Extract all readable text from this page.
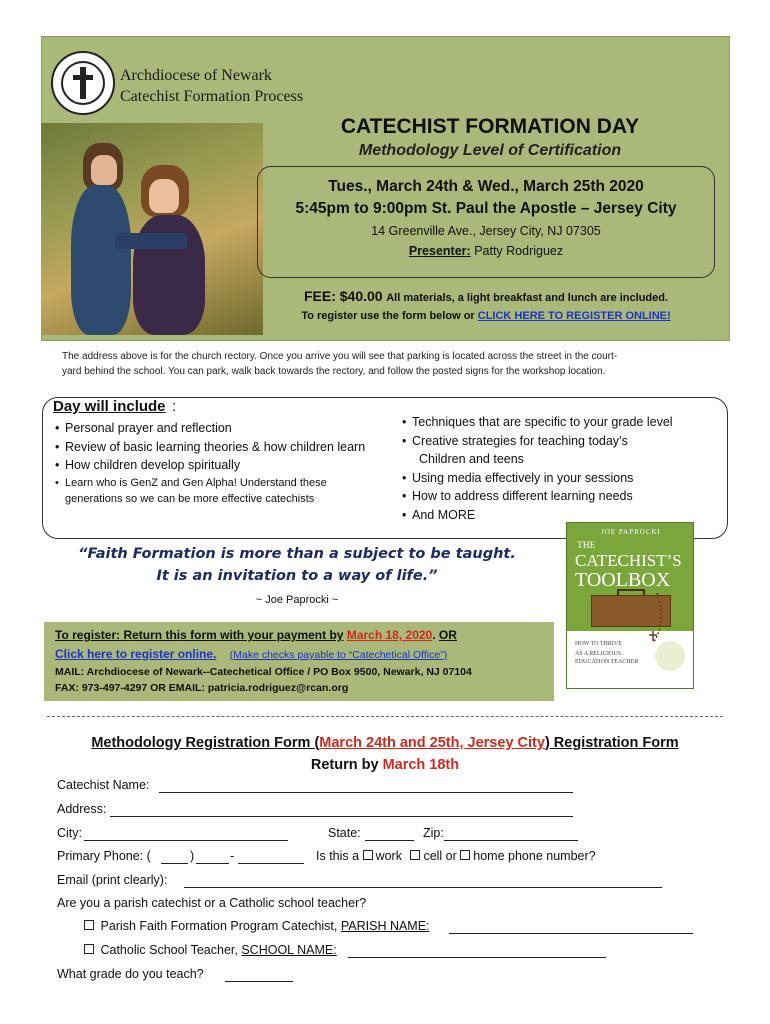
Archdiocese of Newark
Catechist Formation Process
CATECHIST FORMATION DAY
Methodology Level of Certification
Tues., March 24th & Wed., March 25th 2020
5:45pm to 9:00pm St. Paul the Apostle – Jersey City
14 Greenville Ave., Jersey City, NJ 07305
Presenter: Patty Rodriguez
FEE: $40.00 All materials, a light breakfast and lunch are included.
To register use the form below or CLICK HERE TO REGISTER ONLINE!
The address above is for the church rectory. Once you arrive you will see that parking is located across the street in the court-
yard behind the school. You can park, walk back towards the rectory, and follow the posted signs for the workshop location.
Day will include :
• Personal prayer and reflection
• Review of basic learning theories & how children learn
• How children develop spiritually
• Learn who is GenZ and Gen Alpha! Understand these generations so we can be more effective catechists
• Techniques that are specific to your grade level
• Creative strategies for teaching today’s
Children and teens
• Using media effectively in your sessions
• How to address different learning needs
• And MORE
“Faith Formation is more than a subject to be taught.
It is an invitation to a way of life.”
~ Joe Paprocki ~
JOE PAPROCKI
THE
CATECHIST’S
TOOLBOX
HOW TO THRIVE
AS A RELIGIOUS EDUCATION TEACHER
To register: Return this form with your payment by March 18, 2020. OR
Click here to register online. (Make checks payable to “Catechetical Office”)
MAIL: Archdiocese of Newark--Catechetical Office / PO Box 9500, Newark, NJ 07104
FAX: 973-497-4297 OR EMAIL: patricia.rodriguez@rcan.org
Methodology Registration Form (March 24th and 25th, Jersey City) Registration Form
Return by March 18th
Catechist Name:
Address:
City:	State:	Zip:
Primary Phone: (	)	-	Is this a work cell or home phone number?
Email (print clearly):
Are you a parish catechist or a Catholic school teacher?
Parish Faith Formation Program Catechist, PARISH NAME:
Catholic School Teacher, SCHOOL NAME:
What grade do you teach?
